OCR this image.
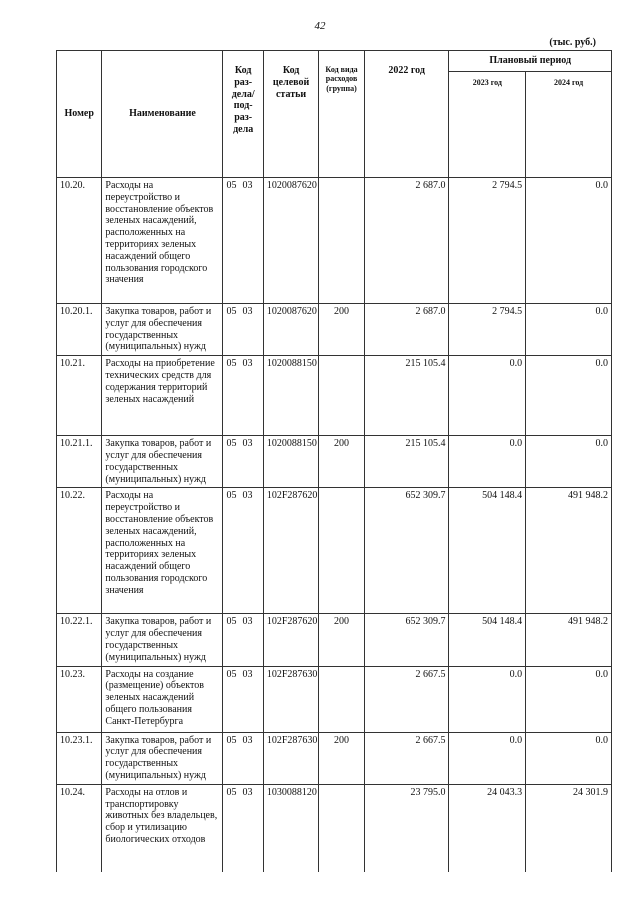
42
(тыс. руб.)
Номер	Наименование	Код раз-дела/ под-раз-дела	Код целевой статьи	Код вида расходов (группа)	2022 год	Плановый период	
						2023 год	2024 год
10.20.	Расходы на переустройство и восстановление объектов зеленых насаждений, расположенных на территориях зеленых насаждений общего пользования городского значения	05 03	1020087620		2 687.0	2 794.5	0.0
10.20.1.	Закупка товаров, работ и услуг для обеспечения государственных (муниципальных) нужд	05 03	1020087620	200	2 687.0	2 794.5	0.0
10.21.	Расходы на приобретение технических средств для содержания территорий зеленых насаждений	05 03	1020088150		215 105.4	0.0	0.0
10.21.1.	Закупка товаров, работ и услуг для обеспечения государственных (муниципальных) нужд	05 03	1020088150	200	215 105.4	0.0	0.0
10.22.	Расходы на переустройство и восстановление объектов зеленых насаждений, расположенных на территориях зеленых насаждений общего пользования городского значения	05 03	102F287620		652 309.7	504 148.4	491 948.2
10.22.1.	Закупка товаров, работ и услуг для обеспечения государственных (муниципальных) нужд	05 03	102F287620	200	652 309.7	504 148.4	491 948.2
10.23.	Расходы на создание (размещение) объектов зеленых насаждений общего пользования Санкт-Петербурга	05 03	102F287630		2 667.5	0.0	0.0
10.23.1.	Закупка товаров, работ и услуг для обеспечения государственных (муниципальных) нужд	05 03	102F287630	200	2 667.5	0.0	0.0
10.24.	Расходы на отлов и транспортировку животных без владельцев, сбор и утилизацию биологических отходов	05 03	1030088120		23 795.0	24 043.3	24 301.9
